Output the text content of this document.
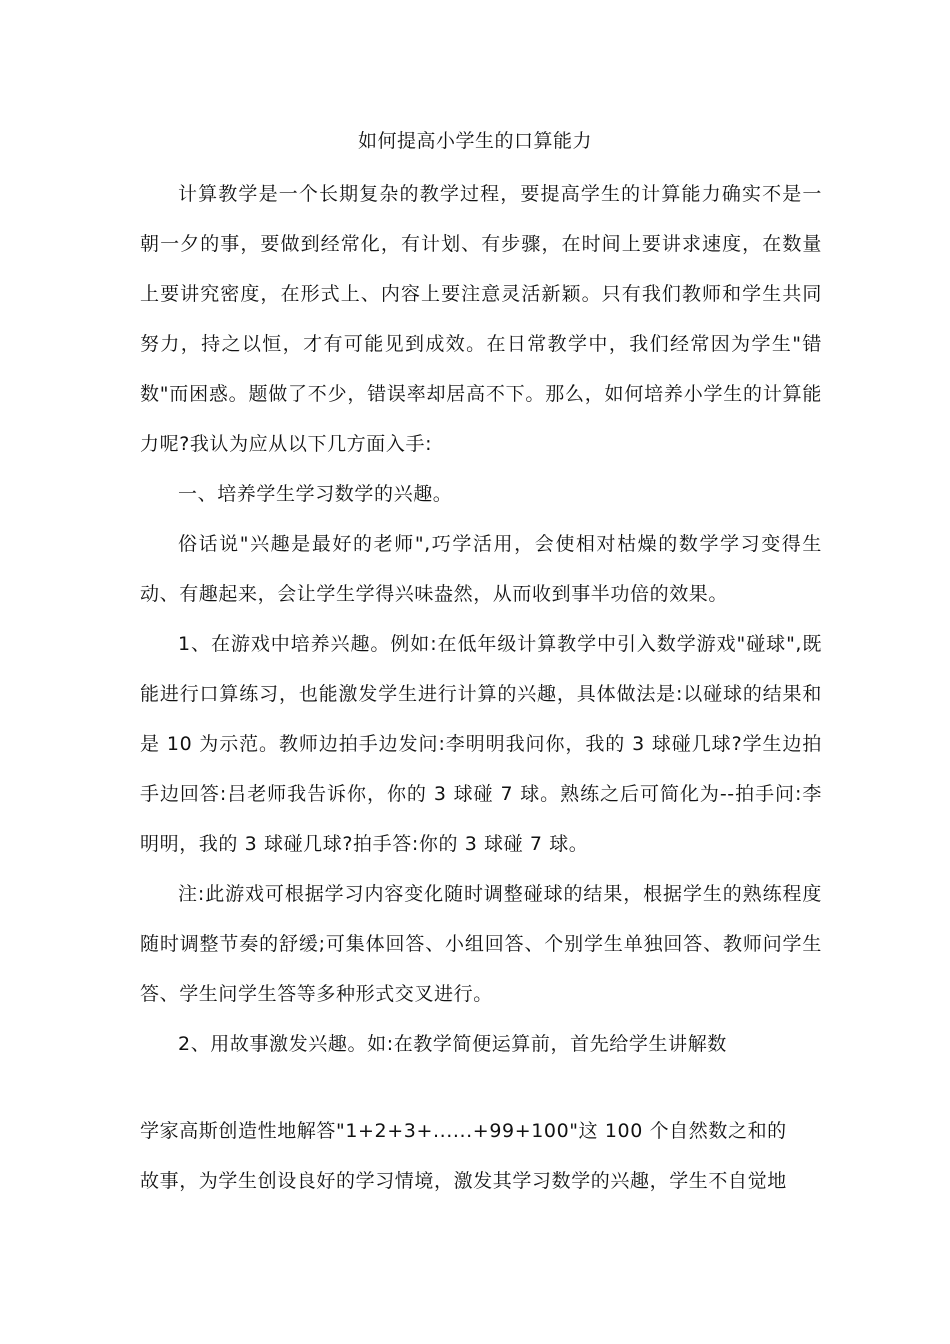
如何提高小学生的口算能力

计算教学是一个长期复杂的教学过程，要提高学生的计算能力确实不是一朝一夕的事，要做到经常化，有计划、有步骤，在时间上要讲求速度，在数量上要讲究密度，在形式上、内容上要注意灵活新颖。只有我们教师和学生共同努力，持之以恒，才有可能见到成效。在日常教学中，我们经常因为学生"错数"而困惑。题做了不少，错误率却居高不下。那么，如何培养小学生的计算能力呢?我认为应从以下几方面入手:

一、培养学生学习数学的兴趣。

俗话说"兴趣是最好的老师",巧学活用，会使相对枯燥的数学学习变得生动、有趣起来，会让学生学得兴味盎然，从而收到事半功倍的效果。

1、在游戏中培养兴趣。例如:在低年级计算教学中引入数学游戏"碰球",既能进行口算练习，也能激发学生进行计算的兴趣，具体做法是:以碰球的结果和是 10 为示范。教师边拍手边发问:李明明我问你，我的 3 球碰几球?学生边拍手边回答:吕老师我告诉你，你的 3 球碰 7 球。熟练之后可简化为--拍手问:李明明，我的 3 球碰几球?拍手答:你的 3 球碰 7 球。

注:此游戏可根据学习内容变化随时调整碰球的结果，根据学生的熟练程度随时调整节奏的舒缓;可集体回答、小组回答、个别学生单独回答、教师问学生答、学生问学生答等多种形式交叉进行。

2、用故事激发兴趣。如:在教学简便运算前，首先给学生讲解数

学家高斯创造性地解答"1+2+3+......+99+100"这 100 个自然数之和的

故事，为学生创设良好的学习情境，激发其学习数学的兴趣，学生不自觉地
